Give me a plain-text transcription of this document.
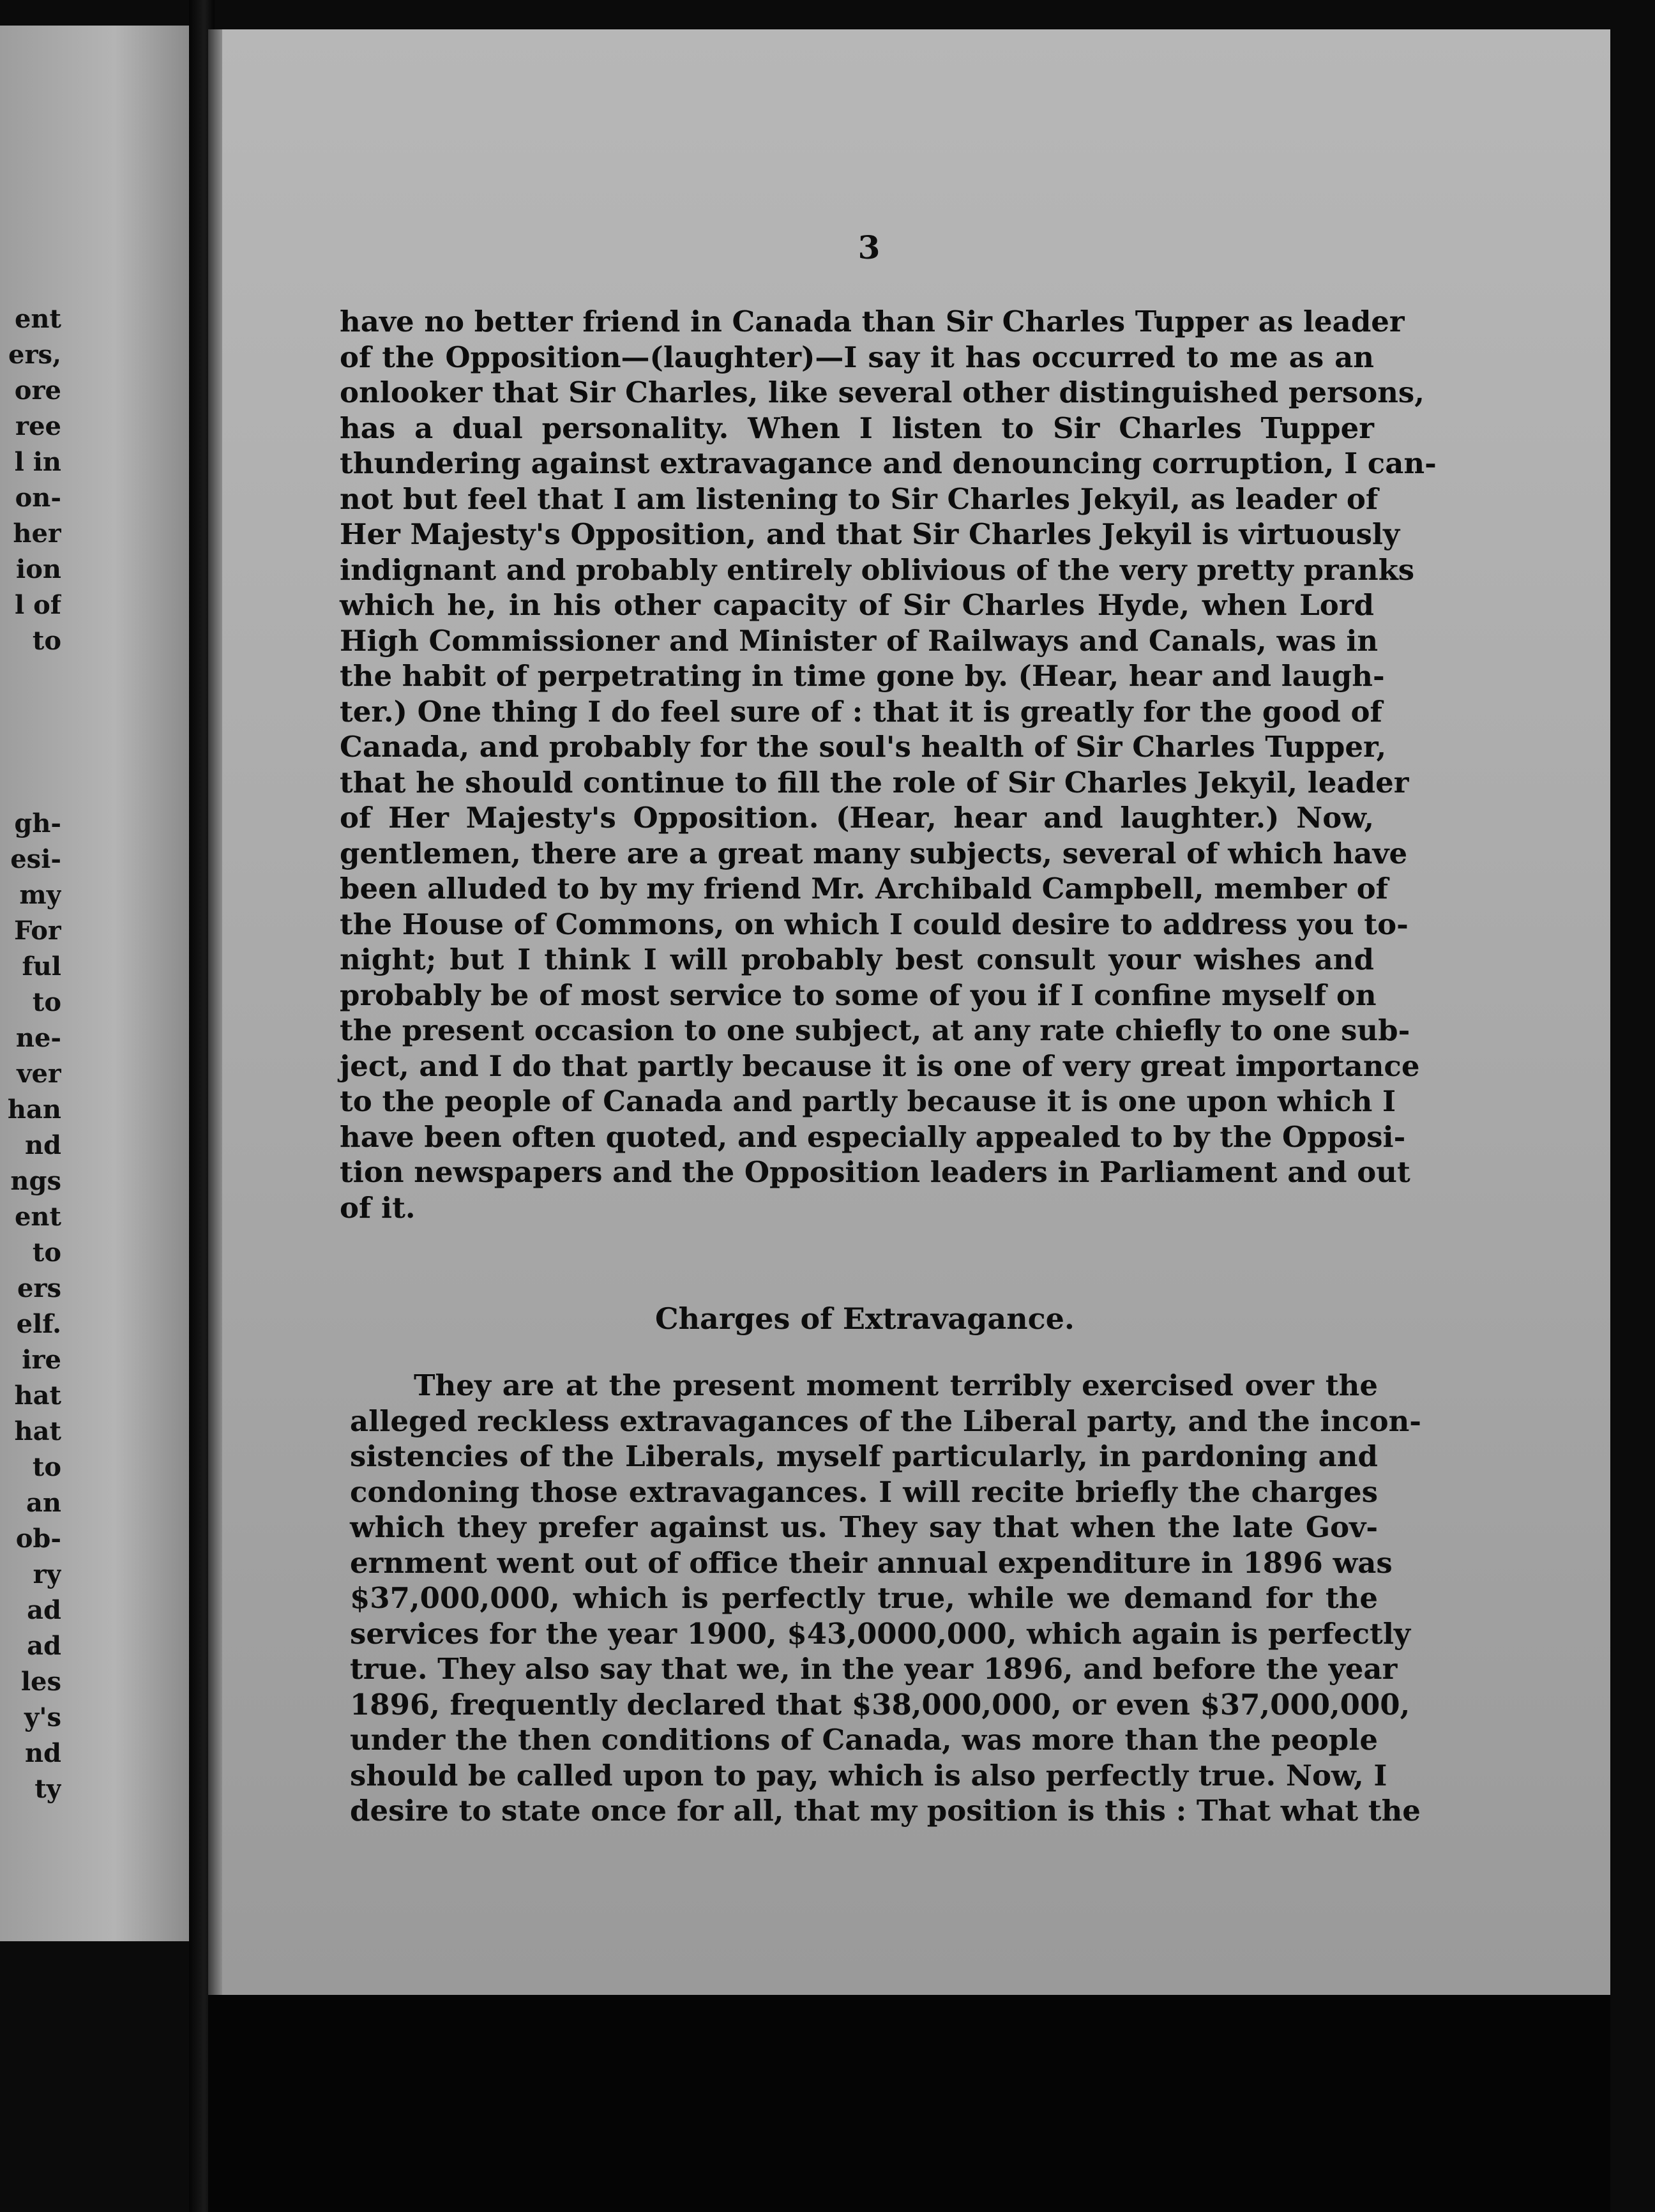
ent
ers,
ore
ree
l in
on-
her
ion
l of
to
gh-
esi-
my
For
ful
to
ne-
ver
han
nd
ngs
ent
to
ers
elf.
ire
hat
hat
to
an
ob-
ry
ad
ad
les
y's
nd
ty
3
have no better friend in Canada than Sir Charles Tupper as leader
of the Opposition—(laughter)—I say it has occurred to me as an
onlooker that Sir Charles, like several other distinguished persons,
has a dual personality. When I listen to Sir Charles Tupper
thundering against extravagance and denouncing corruption, I can-
not but feel that I am listening to Sir Charles Jekyil, as leader of
Her Majesty's Opposition, and that Sir Charles Jekyil is virtuously
indignant and probably entirely oblivious of the very pretty pranks
which he, in his other capacity of Sir Charles Hyde, when Lord
High Commissioner and Minister of Railways and Canals, was in
the habit of perpetrating in time gone by. (Hear, hear and laugh-
ter.) One thing I do feel sure of : that it is greatly for the good of
Canada, and probably for the soul's health of Sir Charles Tupper,
that he should continue to fill the role of Sir Charles Jekyil, leader
of Her Majesty's Opposition. (Hear, hear and laughter.) Now,
gentlemen, there are a great many subjects, several of which have
been alluded to by my friend Mr. Archibald Campbell, member of
the House of Commons, on which I could desire to address you to-
night; but I think I will probably best consult your wishes and
probably be of most service to some of you if I confine myself on
the present occasion to one subject, at any rate chiefly to one sub-
ject, and I do that partly because it is one of very great importance
to the people of Canada and partly because it is one upon which I
have been often quoted, and especially appealed to by the Opposi-
tion newspapers and the Opposition leaders in Parliament and out
of it.
Charges of Extravagance.
They are at the present moment terribly exercised over the
alleged reckless extravagances of the Liberal party, and the incon-
sistencies of the Liberals, myself particularly, in pardoning and
condoning those extravagances. I will recite briefly the charges
which they prefer against us. They say that when the late Gov-
ernment went out of office their annual expenditure in 1896 was
$37,000,000, which is perfectly true, while we demand for the
services for the year 1900, $43,0000,000, which again is perfectly
true. They also say that we, in the year 1896, and before the year
1896, frequently declared that $38,000,000, or even $37,000,000,
under the then conditions of Canada, was more than the people
should be called upon to pay, which is also perfectly true. Now, I
desire to state once for all, that my position is this : That what the
